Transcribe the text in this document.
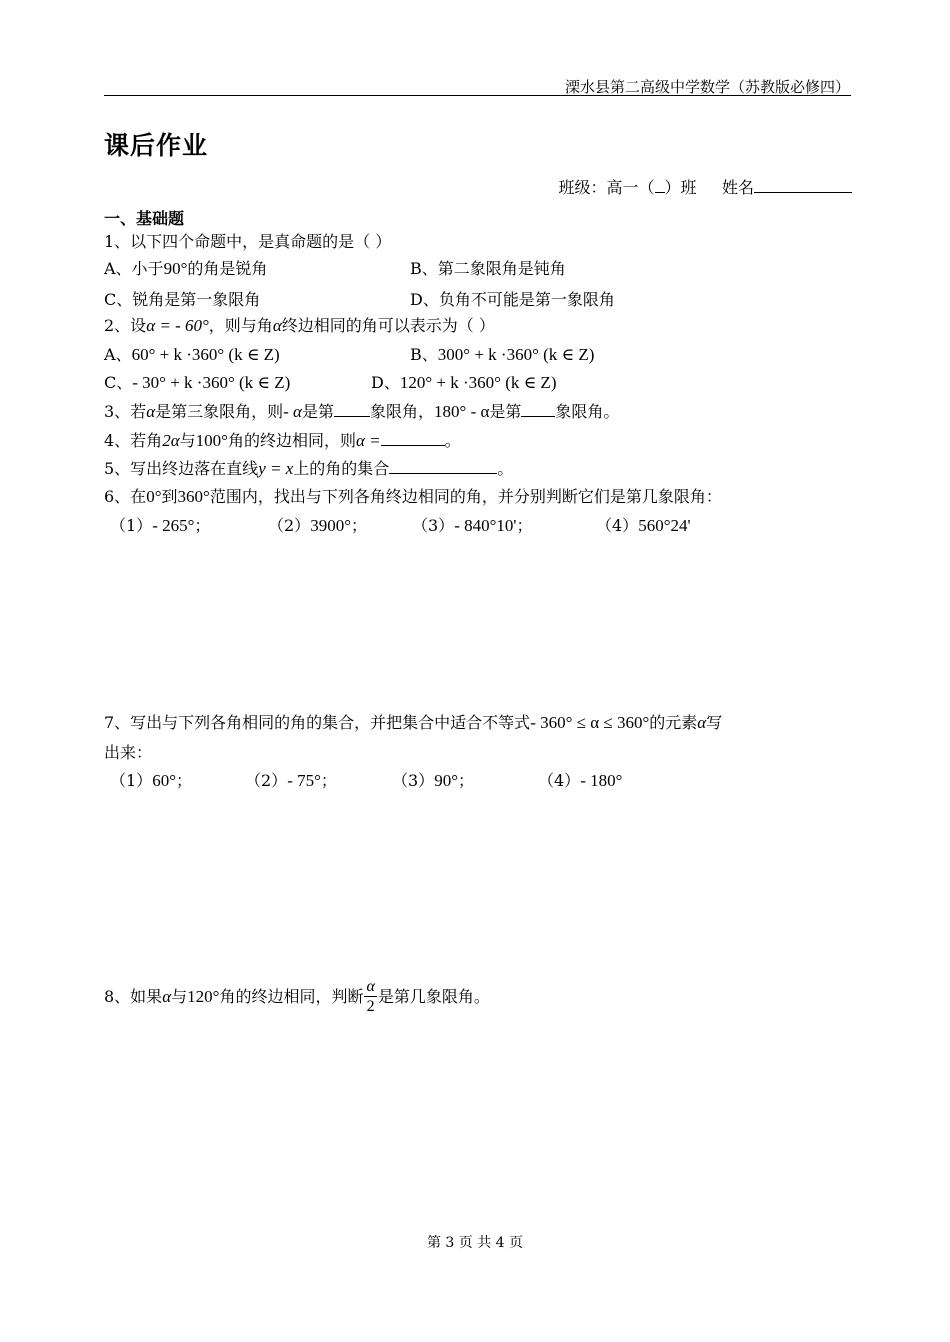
溧水县第二高级中学数学（苏教版必修四）
课后作业
班级：高一（ ）班 姓名
一、基础题
1、以下四个命题中，是真命题的是（ ）
A、小于90°的角是锐角	B、第二象限角是钝角
C、锐角是第一象限角	D、负角不可能是第一象限角
2、设α = - 60°，则与角α终边相同的角可以表示为（ ）
A、60° + k ·360° (k ∈ Z)	B、300° + k ·360° (k ∈ Z)
C、- 30° + k ·360° (k ∈ Z)	D、120° + k ·360° (k ∈ Z)
3、若α是第三象限角，则- α是第 象限角，180° - α是第 象限角。
4、若角2α与100°角的终边相同，则α =	。
5、写出终边落在直线y = x上的角的集合	。
6、在0°到360°范围内，找出与下列各角终边相同的角，并分别判断它们是第几象限角：
（1）- 265°；	（2）3900°；	（3）- 840°10'；	（4）560°24'
7、写出与下列各角相同的角的集合，并把集合中适合不等式- 360° ≤ α ≤ 360°的元素α写
出来：
（1）60°；	（2）- 75°；	（3）90°；	（4）- 180°
8、如果α与120°角的终边相同，判断 $\frac{\alpha}{2}$ 是第几象限角。
第 3 页 共 4 页
